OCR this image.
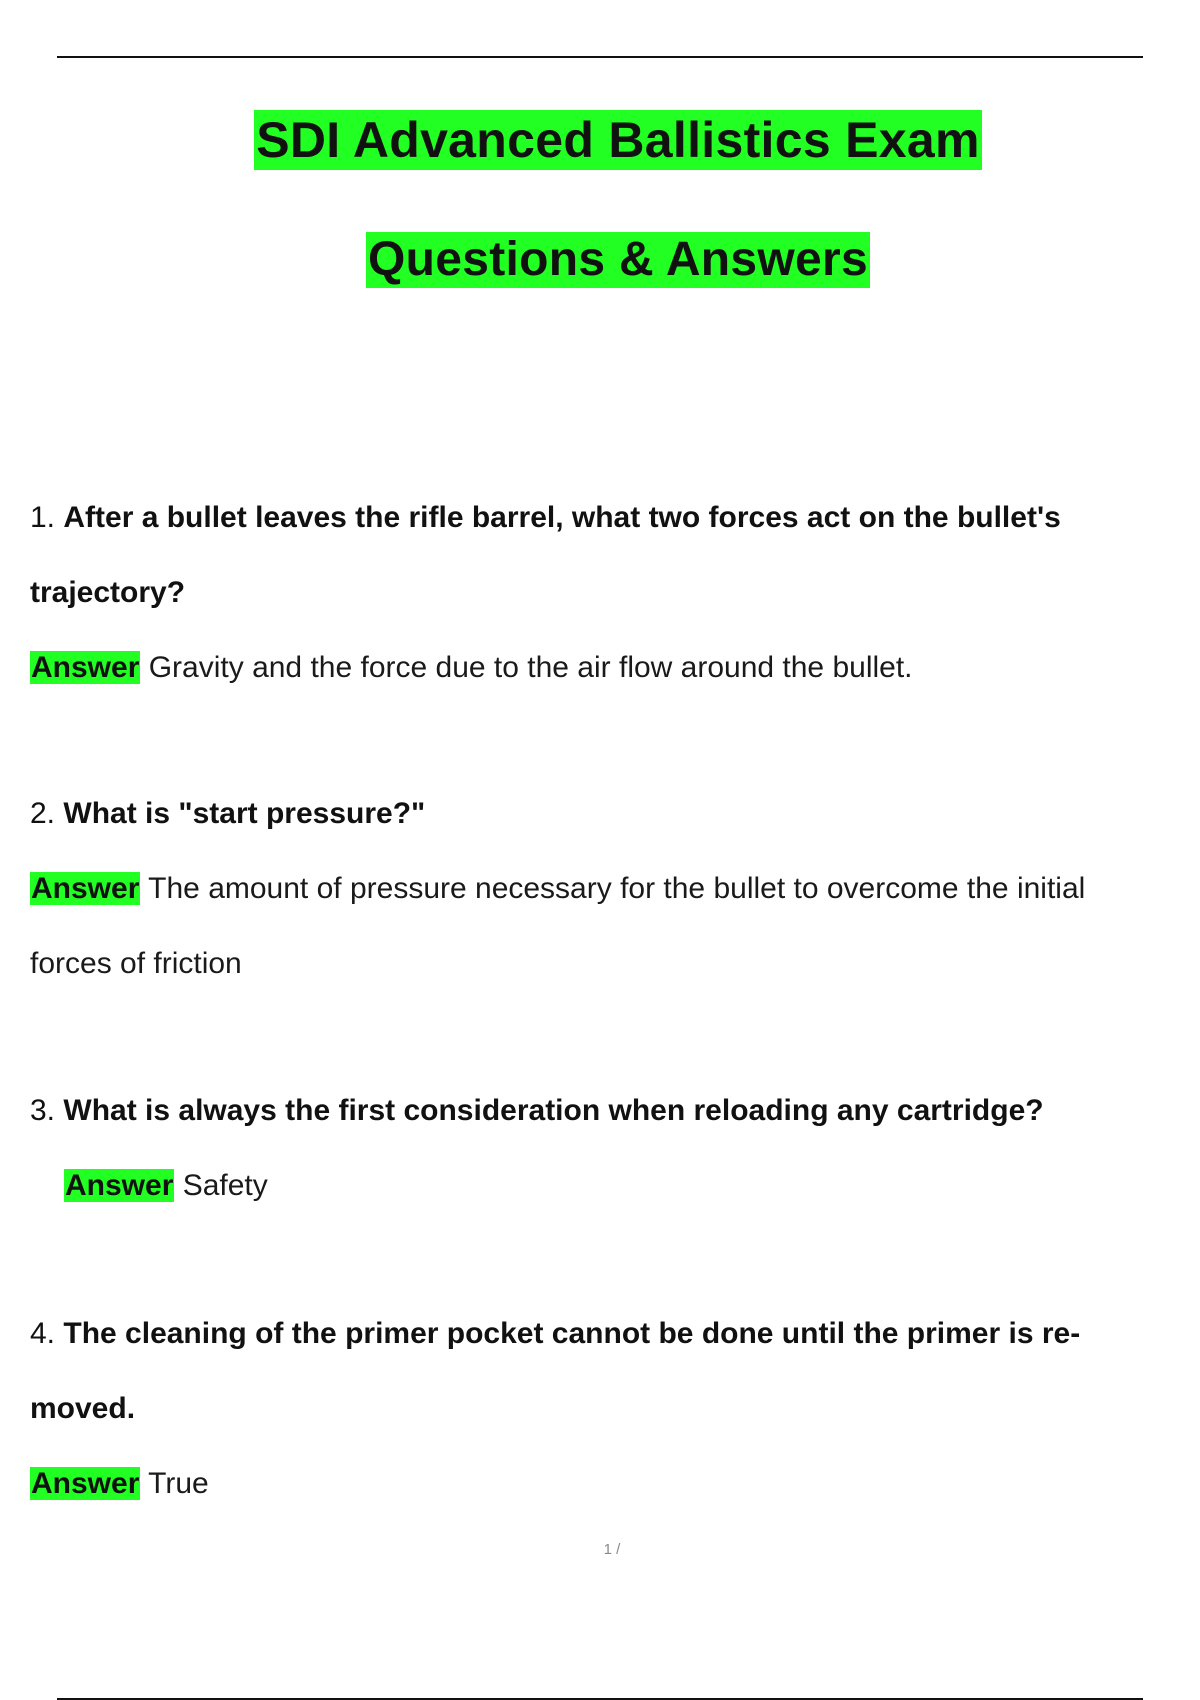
SDI Advanced Ballistics Exam
Questions & Answers

1. After a bullet leaves the rifle barrel, what two forces act on the bullet's

trajectory?

Answer Gravity and the force due to the air flow around the bullet.

2. What is "start pressure?"

Answer The amount of pressure necessary for the bullet to overcome the initial

forces of friction

3. What is always the first consideration when reloading any cartridge?

Answer Safety

4. The cleaning of the primer pocket cannot be done until the primer is re-

moved.

Answer True

1 /
